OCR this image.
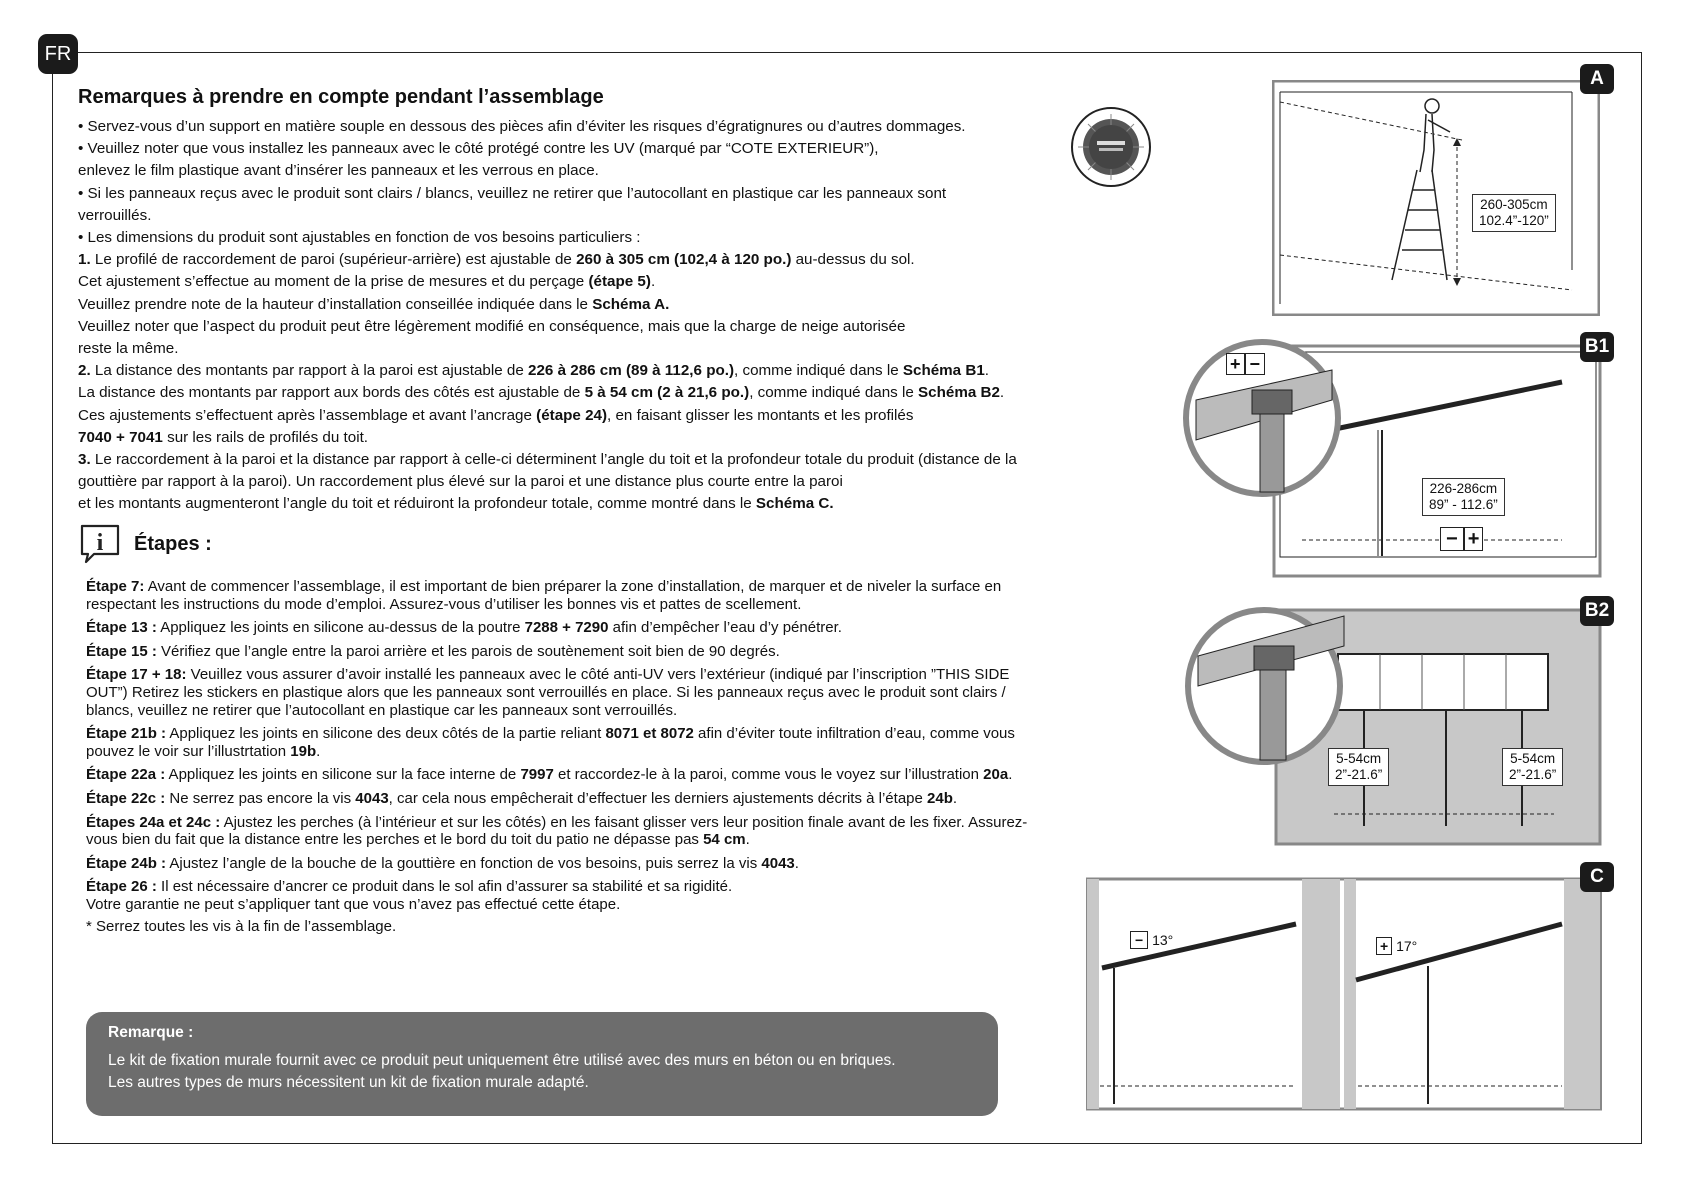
FR
Remarques à prendre en compte pendant l’assemblage

• Servez-vous d’un support en matière souple en dessous des pièces afin d’éviter les risques d’égratignures ou d’autres dommages.

• Veuillez noter que vous installez les panneaux avec le côté protégé contre les UV (marqué par “COTE EXTERIEUR”),

enlevez le film plastique avant d’insérer les panneaux et les verrous en place.

• Si les panneaux reçus avec le produit sont clairs / blancs, veuillez ne retirer que l’autocollant en plastique car les panneaux sont

verrouillés.

• Les dimensions du produit sont ajustables en fonction de vos besoins particuliers :

1. Le profilé de raccordement de paroi (supérieur-arrière) est ajustable de 260 à 305 cm (102,4 à 120 po.) au-dessus du sol.

Cet ajustement s’effectue au moment de la prise de mesures et du perçage (étape 5).

Veuillez prendre note de la hauteur d’installation conseillée indiquée dans le Schéma A.

Veuillez noter que l’aspect du produit peut être légèrement modifié en conséquence, mais que la charge de neige autorisée

reste la même.

2. La distance des montants par rapport à la paroi est ajustable de 226 à 286 cm (89 à 112,6 po.), comme indiqué dans le Schéma B1.

La distance des montants par rapport aux bords des côtés est ajustable de 5 à 54 cm (2 à 21,6 po.), comme indiqué dans le Schéma B2.

Ces ajustements s’effectuent après l’assemblage et avant l’ancrage (étape 24), en faisant glisser les montants et les profilés

7040 + 7041 sur les rails de profilés du toit.

3. Le raccordement à la paroi et la distance par rapport à celle-ci déterminent l’angle du toit et la profondeur totale du produit (distance de la

gouttière par rapport à la paroi). Un raccordement plus élevé sur la paroi et une distance plus courte entre la paroi

et les montants augmenteront l’angle du toit et réduiront la profondeur totale, comme montré dans le Schéma C.

i Étapes :

Étape 7: Avant de commencer l’assemblage, il est important de bien préparer la zone d’installation, de marquer et de niveler la surface en respectant les instructions du mode d’emploi. Assurez-vous d’utiliser les bonnes vis et pattes de scellement.

Étape 13 : Appliquez les joints en silicone au-dessus de la poutre 7288 + 7290 afin d’empêcher l’eau d’y pénétrer.

Étape 15 : Vérifiez que l’angle entre la paroi arrière et les parois de soutènement soit bien de 90 degrés.

Étape 17 + 18: Veuillez vous assurer d’avoir installé les panneaux avec le côté anti-UV vers l’extérieur (indiqué par l’inscription ”THIS SIDE OUT”) Retirez les stickers en plastique alors que les panneaux sont verrouillés en place. Si les panneaux reçus avec le produit sont clairs / blancs, veuillez ne retirer que l’autocollant en plastique car les panneaux sont verrouillés.

Étape 21b : Appliquez les joints en silicone des deux côtés de la partie reliant 8071 et 8072 afin d’éviter toute infiltration d’eau, comme vous pouvez le voir sur l’illustrtation 19b.

Étape 22a : Appliquez les joints en silicone sur la face interne de 7997 et raccordez-le à la paroi, comme vous le voyez sur l’illustration 20a.

Étape 22c : Ne serrez pas encore la vis 4043, car cela nous empêcherait d’effectuer les derniers ajustements décrits à l’étape 24b.

Étapes 24a et 24c : Ajustez les perches (à l’intérieur et sur les côtés) en les faisant glisser vers leur position finale avant de les fixer. Assurez-vous bien du fait que la distance entre les perches et le bord du toit du patio ne dépasse pas 54 cm.

Étape 24b : Ajustez l’angle de la bouche de la gouttière en fonction de vos besoins, puis serrez la vis 4043.

Étape 26 : Il est nécessaire d’ancrer ce produit dans le sol afin d’assurer sa stabilité et sa rigidité.
Votre garantie ne peut s’appliquer tant que vous n’avez pas effectué cette étape.

* Serrez toutes les vis à la fin de l’assemblage.

Remarque :
Le kit de fixation murale fournit avec ce produit peut uniquement être utilisé avec des murs en béton ou en briques.
Les autres types de murs nécessitent un kit de fixation murale adapté.
260-305cm
102.4”-120”
A
+ −
226-286cm
89” - 112.6”
− +
B1
5-54cm
2”-21.6”
5-54cm
2”-21.6”
B2
− 13°	+ 17°
C
